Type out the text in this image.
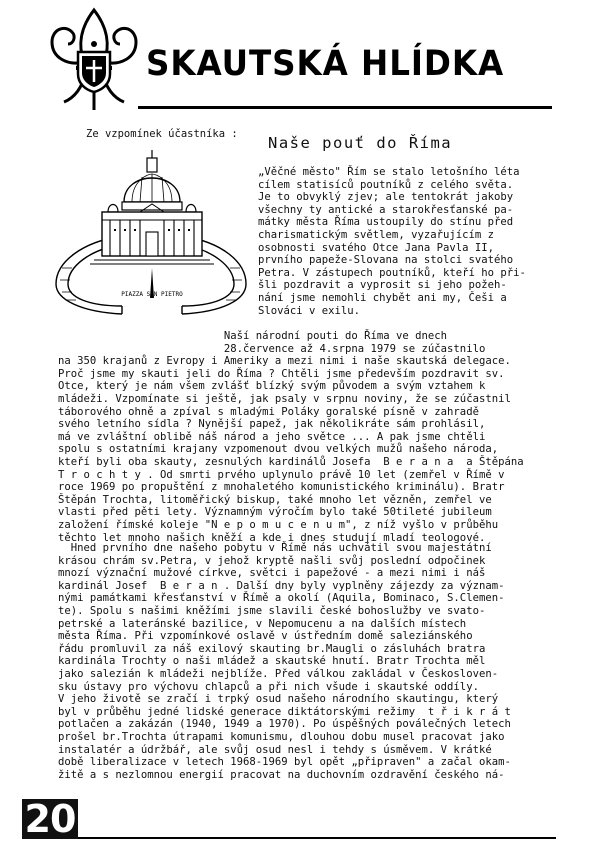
SKAUTSKÁ HLÍDKA
Ze vzpomínek účastníka : Naše pouť do Říma
PIAZZA SAN PIETRO
„Věčné město" Řím se stalo letošního léta
cílem statisíců poutníků z celého světa.
Je to obvyklý zjev; ale tentokrát jakoby
všechny ty antické a starokřesťanské pa-
mátky města Říma ustoupily do stínu před
charismatickým světlem, vyzařujícím z
osobnosti svatého Otce Jana Pavla II,
prvního papeže-Slovana na stolci svatého
Petra. V zástupech poutníků, kteří ho při-
šli pozdravit a vyprosit si jeho požeh-
nání jsme nemohli chybět ani my, Češi a
Slováci v exilu.
Naší národní pouti do Říma ve dnech
28.července až 4.srpna 1979 se zúčastnilo
na 350 krajanů z Evropy i Ameriky a mezi nimi i naše skautská delegace.
Proč jsme my skauti jeli do Říma ? Chtěli jsme především pozdravit sv.
Otce, který je nám všem zvlášť blízký svým původem a svým vztahem k
mládeži. Vzpomínate si ještě, jak psaly v srpnu noviny, že se zúčastnil
táborového ohně a zpíval s mladými Poláky goralské písně v zahradě
svého letního sídla ? Nynější papež, jak několikráte sám prohlásil,
má ve zvláštní oblibě náš národ a jeho světce ... A pak jsme chtěli
spolu s ostatními krajany vzpomenout dvou velkých mužů našeho národa,
kteří byli oba skauty, zesnulých kardinálů Josefa  B e r a n a  a Štěpána
T r o c h t y . Od smrti prvého uplynulo právě 10 let (zemřel v Římě v
roce 1969 po propuštění z mnohaletého komunistického kriminálu). Bratr
Štěpán Trochta, litoměřický biskup, také mnoho let vězněn, zemřel ve
vlasti před pěti lety. Významným výročím bylo také 50tileté jubileum
založení římské koleje "N e p o m u c e n u m", z níž vyšlo v průběhu
těchto let mnoho našich kněží a kde i dnes studují mladí teologové.
Hned prvního dne našeho pobytu v Římě nás uchvátil svou majestátní
krásou chrám sv.Petra, v jehož kryptě našli svůj poslední odpočinek
mnozí význační mužové církve, světci i papežové - a mezi nimi i náš
kardinál Josef  B e r a n . Další dny byly vyplněny zájezdy za význam-
nými památkami křesťanství v Římě a okolí (Aquila, Bominaco, S.Clemen-
te). Spolu s našimi kněžími jsme slavili české bohoslužby ve svato-
petrské a lateránské bazilice, v Nepomucenu a na dalších místech
města Říma. Při vzpomínkové oslavě v ústředním domě saleziánského
řádu promluvil za náš exilový skauting br.Maugli o zásluhách bratra
kardinála Trochty o naši mládež a skautské hnutí. Bratr Trochta měl
jako salezián k mládeži nejblíže. Před válkou zakládal v Českosloven-
sku ústavy pro výchovu chlapců a při nich všude i skautské oddíly.
V jeho životě se zračí i trpký osud našeho národního skautingu, který
byl v průběhu jedné lidské generace diktátorskými režimy  t ř i k r á t
potlačen a zakázán (1940, 1949 a 1970). Po úspěšných poválečných letech
prošel br.Trochta útrapami komunismu, dlouhou dobu musel pracovat jako
instalatér a údržbář, ale svůj osud nesl i tehdy s úsměvem. V krátké
době liberalizace v letech 1968-1969 byl opět „připraven" a začal okam-
žitě a s nezlomnou energií pracovat na duchovním ozdravění českého ná-
20
